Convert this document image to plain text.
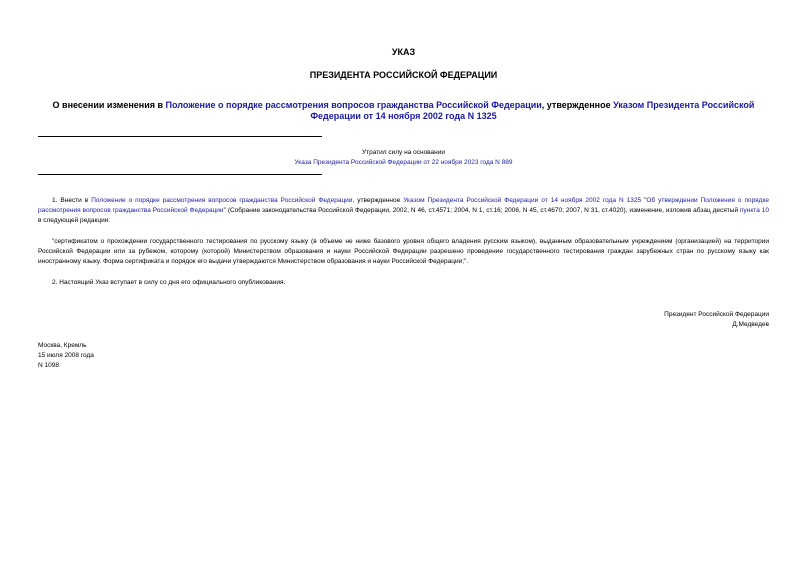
УКАЗ
ПРЕЗИДЕНТА РОССИЙСКОЙ ФЕДЕРАЦИИ
О внесении изменения в Положение о порядке рассмотрения вопросов гражданства Российской Федерации, утвержденное Указом Президента Российской Федерации от 14 ноября 2002 года N 1325
Утратил силу на основании
Указа Президента Российской Федерации от 22 ноября 2023 года N 889
1. Внести в Положение о порядке рассмотрения вопросов гражданства Российской Федерации, утвержденное Указом Президента Российской Федерации от 14 ноября 2002 года N 1325 "Об утверждении Положения о порядке рассмотрения вопросов гражданства Российской Федерации" (Собрание законодательства Российской Федерации, 2002, N 46, ст.4571; 2004, N 1, ст.16; 2006, N 45, ст.4670; 2007, N 31, ст.4020), изменение, изложив абзац десятый пункта 10 в следующей редакции:
"сертификатом о прохождении государственного тестирования по русскому языку (в объеме не ниже базового уровня общего владения русским языком), выданным образовательным учреждением (организацией) на территории Российской Федерации или за рубежом, которому (которой) Министерством образования и науки Российской Федерации разрешено проведение государственного тестирования граждан зарубежных стран по русскому языку как иностранному языку. Форма сертификата и порядок его выдачи утверждаются Министерством образования и науки Российской Федерации;".
2. Настоящий Указ вступает в силу со дня его официального опубликования.
Президент Российской Федерации
Д.Медведев
Москва, Кремль
15 июля 2008 года
N 1098
